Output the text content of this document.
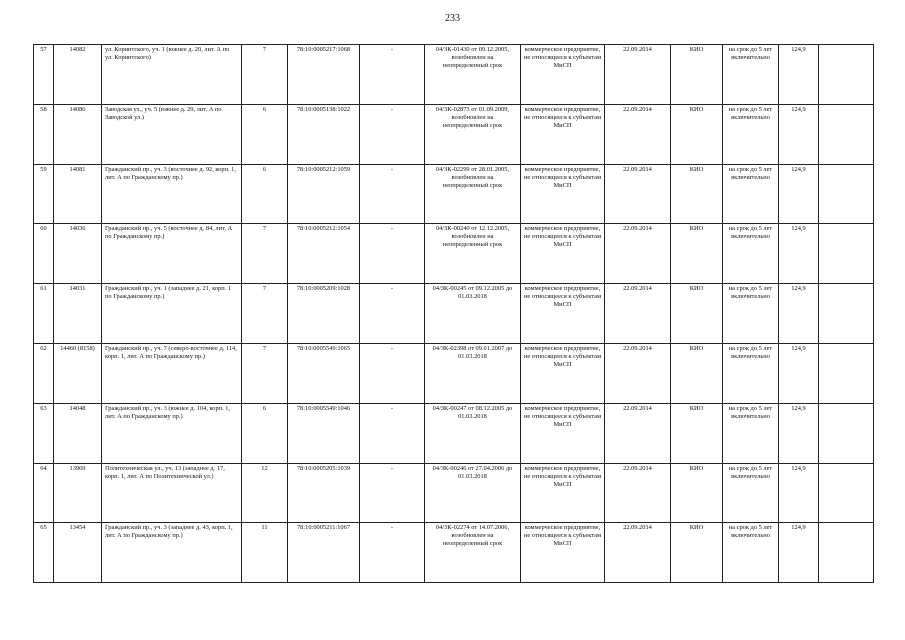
233
57	14082	ул. Коринтского, уч. 1 (южнее д. 20, лит. А по ул. Коринтского)	7	78:10:0005217:1068	-	04/ЗК-01430 от 09.12.2005, возобновлен на неопределенный срок	коммерческое предприятие, не относящееся к субъектам МиСП	22.09.2014	КИО	на срок до 5 лет включительно	124,9	
58	14086	Заводская ул., уч. 5 (южнее д. 29, лит. А по Заводской ул.)	6	78:10:0005138:1022	-	04/ЗК-02873 от 01.09.2009, возобновлен на неопределенный срок	коммерческое предприятие, не относящееся к субъектам МиСП	22.09.2014	КИО	на срок до 5 лет включительно	124,9	
59	14081	Гражданский пр., уч. 3 (восточнее д. 92, корп. 1, лит. А по Гражданскому пр.)	6	78:10:0005212:1059	-	04/ЗК-02299 от 28.01.2005, возобновлен на неопределенный срок	коммерческое предприятие, не относящееся к субъектам МиСП	22.09.2014	КИО	на срок до 5 лет включительно	124,9	
60	14036	Гражданский пр., уч. 5 (восточнее д. 84, лит. А по Гражданскому пр.)	7	78:10:0005212:1054	-	04/ЗК-00240 от 12.12.2005, возобновлен на неопределенный срок	коммерческое предприятие, не относящееся к субъектам МиСП	22.09.2014	КИО	на срок до 5 лет включительно	124,9	
61	14031	Гражданский пр., уч. 1 (западнее д. 21, корп. 1 по Гражданскому пр.)	7	78:10:0005209:1028	-	04/ЗК-00245 от 09.12.2005 до 01.03.2018	коммерческое предприятие, не относящееся к субъектам МиСП	22.09.2014	КИО	на срок до 5 лет включительно	124,9	
62	14460 (8158)	Гражданский пр., уч. 7 (северо-восточнее д. 114, корп. 1, лит. А по Гражданскому пр.)	7	78:10:0005549:1065	-	04/ЗК-02398 от 09.01.2007 до 01.03.2018	коммерческое предприятие, не относящееся к субъектам МиСП	22.09.2014	КИО	на срок до 5 лет включительно	124,9	
63	14048	Гражданский пр., уч. 3 (южнее д. 104, корп. 1, лит. А по Гражданскому пр.)	6	78:10:0005549:1046	-	04/ЗК-00247 от 08.12.2005 до 01.03.2018	коммерческое предприятие, не относящееся к субъектам МиСП	22.09.2014	КИО	на срок до 5 лет включительно	124,9	
64	13969	Политехническая ул., уч. 13 (западнее д. 17, корп. 1, лит. А по Политехнической ул.)	12	78:10:0005205:1039	-	04/ЗК-00246 от 27.04.2006 до 01.03.2018	коммерческое предприятие, не относящееся к субъектам МиСП	22.09.2014	КИО	на срок до 5 лет включительно	124,9	
65	13454	Гражданский пр., уч. 3 (западнее д. 43, корп. 1, лит. А по Гражданскому пр.)	11	78:10:0005211:1067	-	04/ЗК-02274 от 14.07.2006, возобновлен на неопределенный срок	коммерческое предприятие, не относящееся к субъектам МиСП	22.09.2014	КИО	на срок до 5 лет включительно	124,9	
